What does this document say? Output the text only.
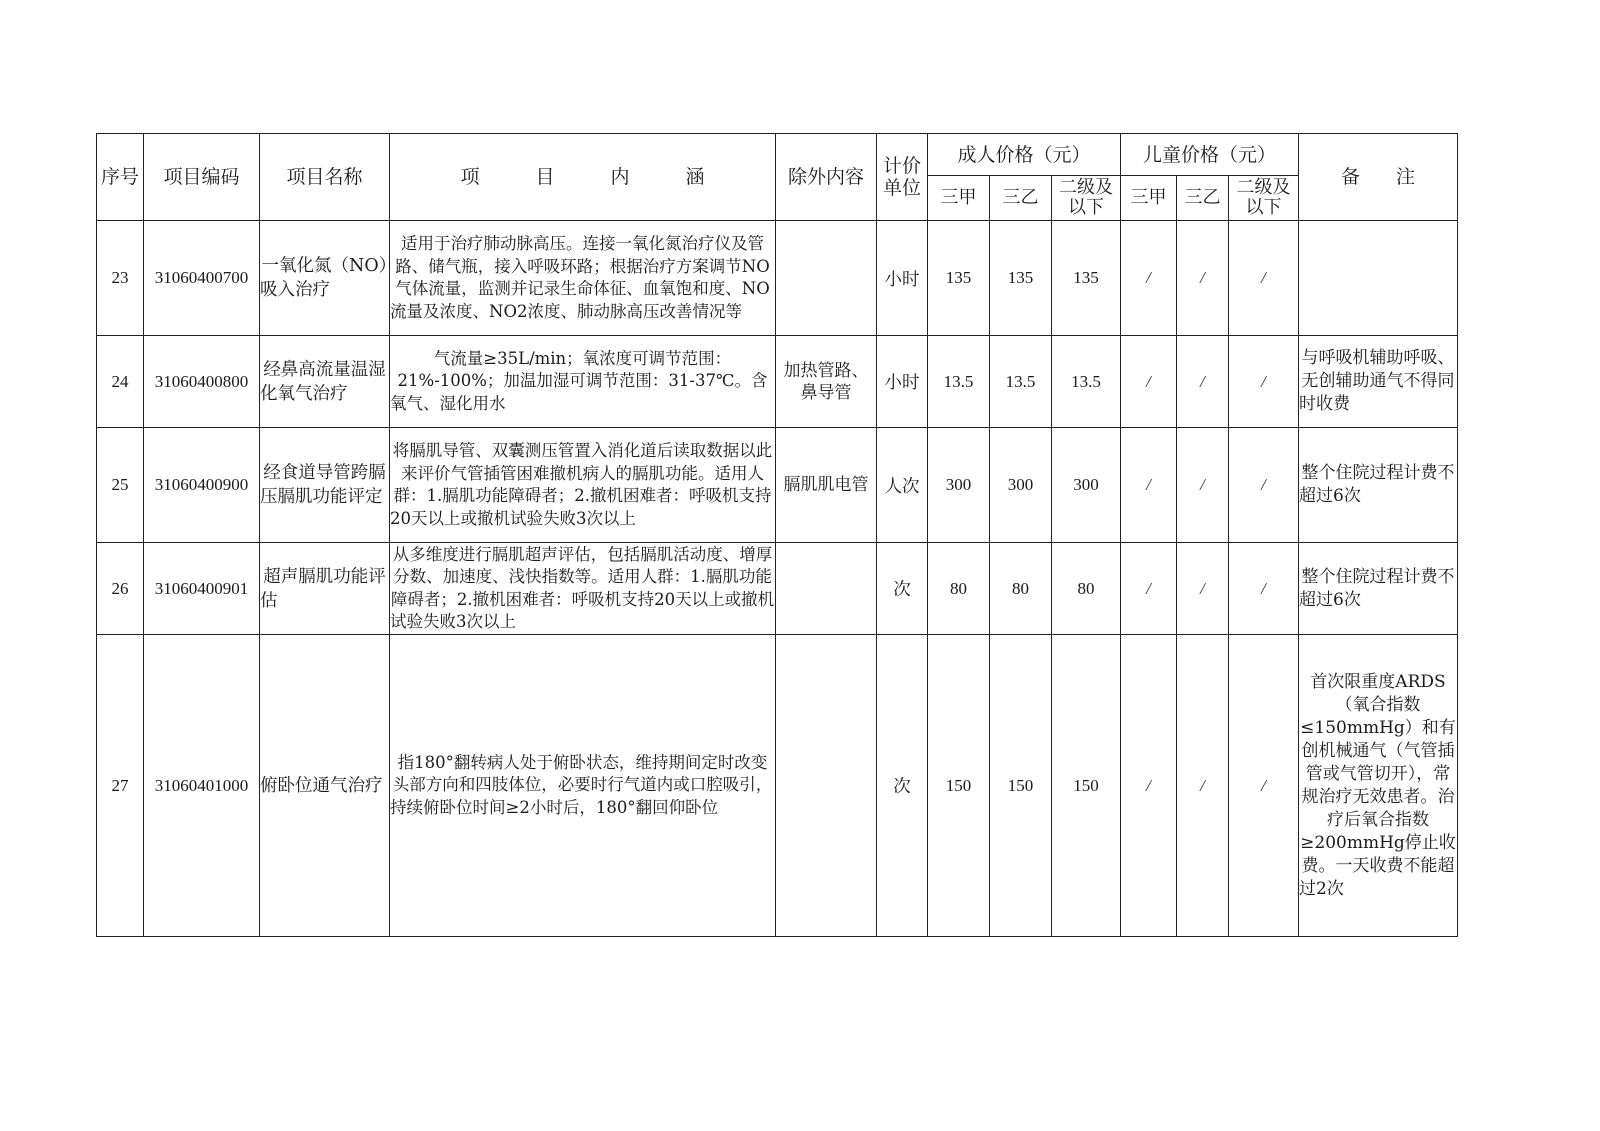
序号	项目编码	项目名称	项 目 内 涵	除外内容	计价单位	成人价格（元）			儿童价格（元）			备 注
						三甲	三乙	二级及以下	三甲	三乙	二级及以下	
23	31060400700	一氧化氮（NO）吸入治疗	适用于治疗肺动脉高压。连接一氧化氮治疗仪及管路、储气瓶，接入呼吸环路；根据治疗方案调节NO气体流量，监测并记录生命体征、血氧饱和度、NO流量及浓度、NO2浓度、肺动脉高压改善情况等		小时	135	135	135	/	/	/	
24	31060400800	经鼻高流量温湿化氧气治疗	气流量≥35L/min；氧浓度可调节范围：21%-100%；加温加湿可调节范围：31-37℃。含氧气、湿化用水	加热管路、鼻导管	小时	13.5	13.5	13.5	/	/	/	与呼吸机辅助呼吸、无创辅助通气不得同时收费
25	31060400900	经食道导管跨膈压膈肌功能评定	将膈肌导管、双囊测压管置入消化道后读取数据以此来评价气管插管困难撤机病人的膈肌功能。适用人群：1.膈肌功能障碍者；2.撤机困难者：呼吸机支持20天以上或撤机试验失败3次以上	膈肌肌电管	人次	300	300	300	/	/	/	整个住院过程计费不超过6次
26	31060400901	超声膈肌功能评估	从多维度进行膈肌超声评估，包括膈肌活动度、增厚分数、加速度、浅快指数等。适用人群：1.膈肌功能障碍者；2.撤机困难者：呼吸机支持20天以上或撤机试验失败3次以上		次	80	80	80	/	/	/	整个住院过程计费不超过6次
27	31060401000	俯卧位通气治疗	指180°翻转病人处于俯卧状态，维持期间定时改变头部方向和四肢体位，必要时行气道内或口腔吸引，持续俯卧位时间≥2小时后，180°翻回仰卧位		次	150	150	150	/	/	/	首次限重度ARDS（氧合指数≤150mmHg）和有创机械通气（气管插管或气管切开），常规治疗无效患者。治疗后氧合指数≥200mmHg停止收费。一天收费不能超过2次
